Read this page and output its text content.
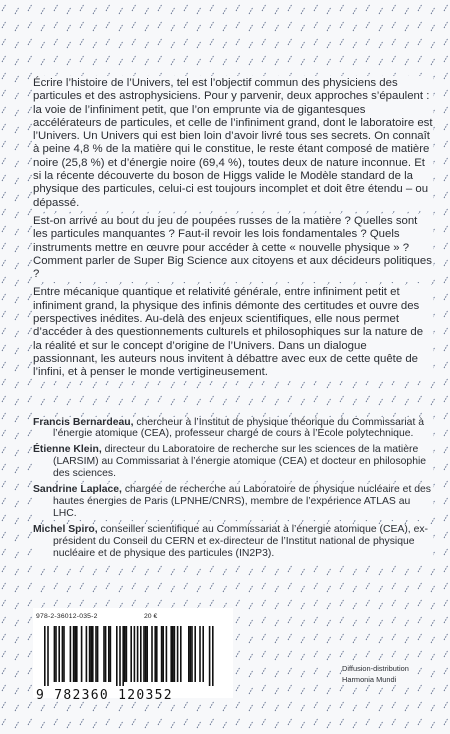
Écrire l’histoire de l’Univers, tel est l’objectif commun des physiciens des particules et des astrophysiciens. Pour y parvenir, deux approches s’épaulent : la voie de l’infiniment petit, que l’on emprunte via de gigantesques accélérateurs de particules, et celle de l’infiniment grand, dont le laboratoire est l’Univers. Un Univers qui est bien loin d’avoir livré tous ses secrets. On connaît à peine 4,8 % de la matière qui le constitue, le reste étant composé de matière noire (25,8 %) et d’énergie noire (69,4 %), toutes deux de nature inconnue. Et si la récente découverte du boson de Higgs valide le Modèle standard de la physique des particules, celui-ci est toujours incomplet et doit être étendu – ou dépassé.

Est-on arrivé au bout du jeu de poupées russes de la matière ? Quelles sont les particules manquantes ? Faut-il revoir les lois fondamentales ? Quels instruments mettre en œuvre pour accéder à cette « nouvelle physique » ? Comment parler de Super Big Science aux citoyens et aux décideurs politiques ?

Entre mécanique quantique et relativité générale, entre infiniment petit et infiniment grand, la physique des infinis démonte des certitudes et ouvre des perspectives inédites. Au-delà des enjeux scientifiques, elle nous permet d’accéder à des questionnements culturels et philosophiques sur la nature de la réalité et sur le concept d’origine de l’Univers. Dans un dialogue passionnant, les auteurs nous invitent à débattre avec eux de cette quête de l’infini, et à penser le monde vertigineusement.

Francis Bernardeau, chercheur à l’Institut de physique théorique du Commissariat à l’énergie atomique (CEA), professeur chargé de cours à l’École polytechnique.

Étienne Klein, directeur du Laboratoire de recherche sur les sciences de la matière (LARSIM) au Commissariat à l’énergie atomique (CEA) et docteur en philosophie des sciences.

Sandrine Laplace, chargée de recherche au Laboratoire de physique nucléaire et des hautes énergies de Paris (LPNHE/CNRS), membre de l’expérience ATLAS au LHC.

Michel Spiro, conseiller scientifique au Commissariat à l’énergie atomique (CEA), ex-président du Conseil du CERN et ex-directeur de l’Institut national de physique nucléaire et de physique des particules (IN2P3).

978-2-36012-035-2	20 €
9 782360 120352
Diffusion-distribution
Harmonia Mundi
